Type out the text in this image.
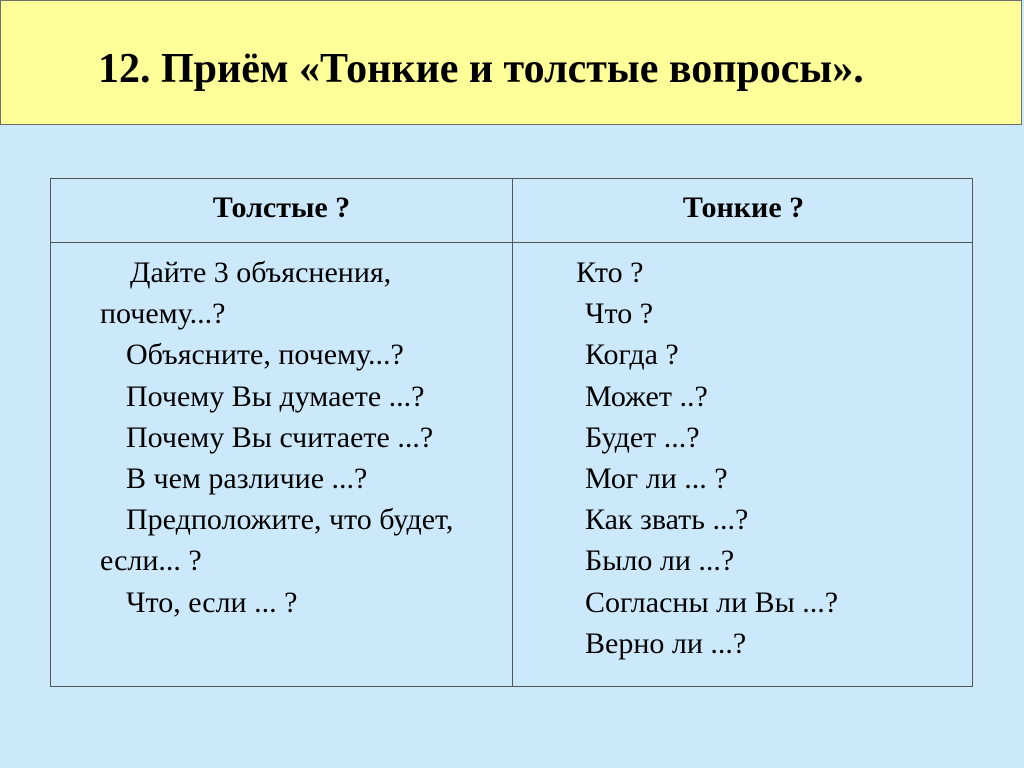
12. Приём «Тонкие и толстые вопросы».
Толстые ?	Тонкие ?
Дайте 3 объяснения,
почему...?
Объясните, почему...?
Почему Вы думаете ...?
Почему Вы считаете ...?
В чем различие ...?
Предположите, что будет,
если... ?
Что, если ... ?
Кто ?
Что ?
Когда ?
Может ..?
Будет ...?
Мог ли ... ?
Как звать ...?
Было ли ...?
Согласны ли Вы ...?
Верно ли ...?
